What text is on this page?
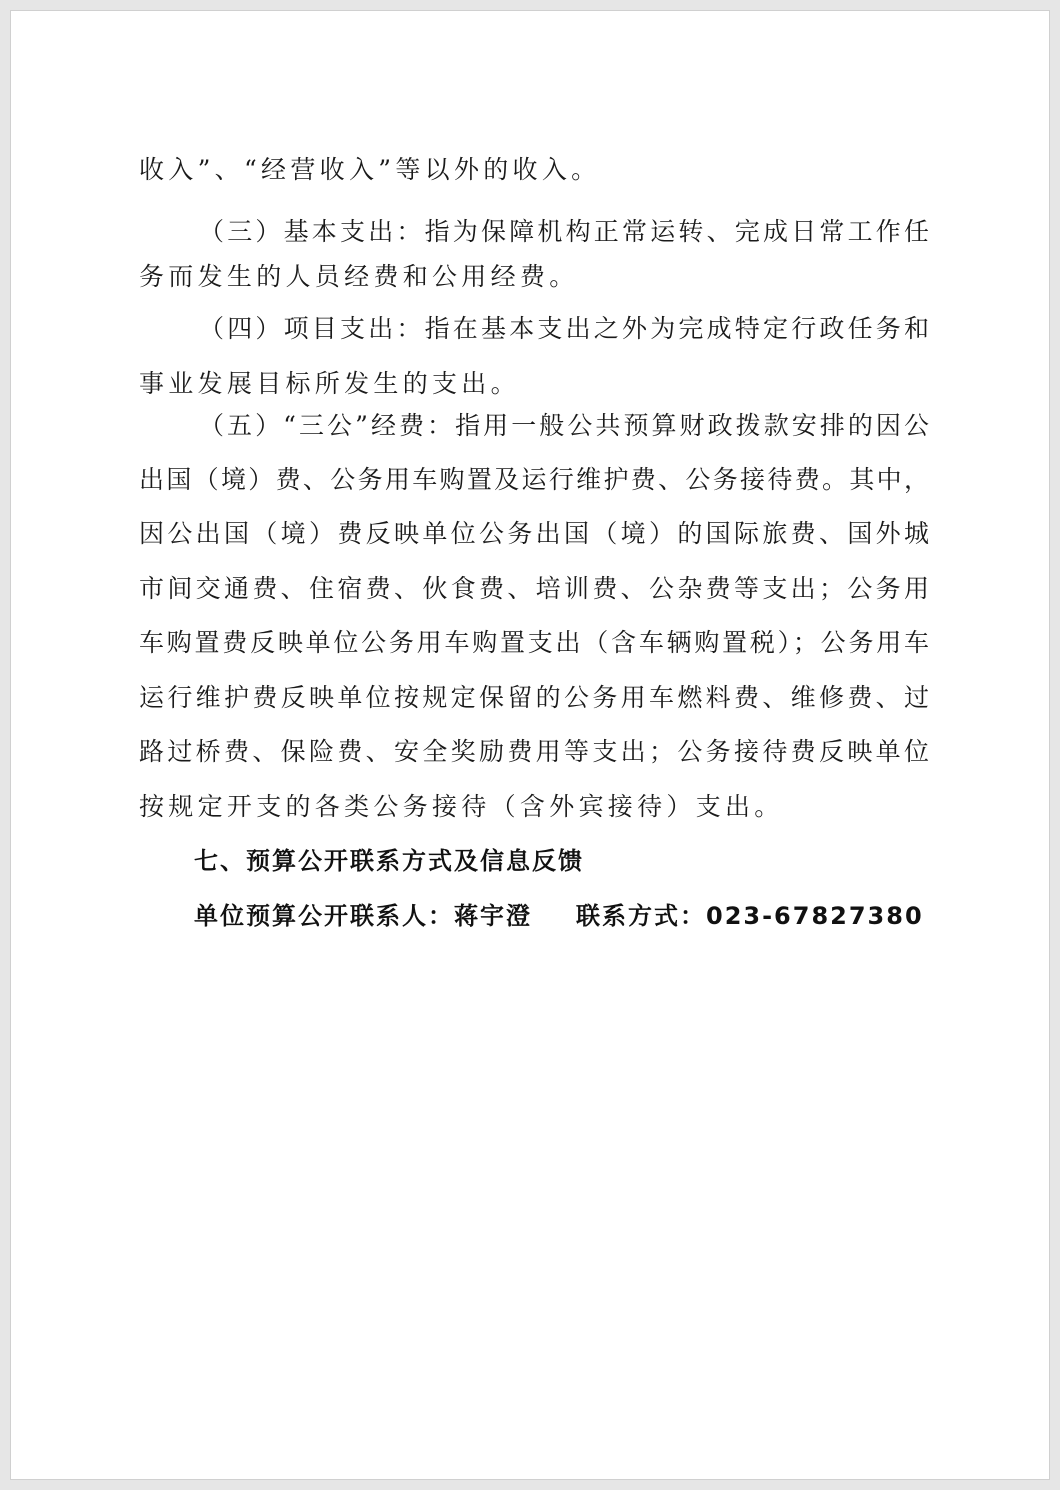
收入”、“经营收入”等以外的收入。
（三）基本支出：指为保障机构正常运转、完成日常工作任
务而发生的人员经费和公用经费。
（四）项目支出：指在基本支出之外为完成特定行政任务和
事业发展目标所发生的支出。
（五）“三公”经费：指用一般公共预算财政拨款安排的因公
出国（境）费、公务用车购置及运行维护费、公务接待费。其中，
因公出国（境）费反映单位公务出国（境）的国际旅费、国外城
市间交通费、住宿费、伙食费、培训费、公杂费等支出；公务用
车购置费反映单位公务用车购置支出（含车辆购置税）；公务用车
运行维护费反映单位按规定保留的公务用车燃料费、维修费、过
路过桥费、保险费、安全奖励费用等支出；公务接待费反映单位
按规定开支的各类公务接待（含外宾接待）支出。
七、预算公开联系方式及信息反馈
单位预算公开联系人：蒋宇澄 联系方式：023-67827380
